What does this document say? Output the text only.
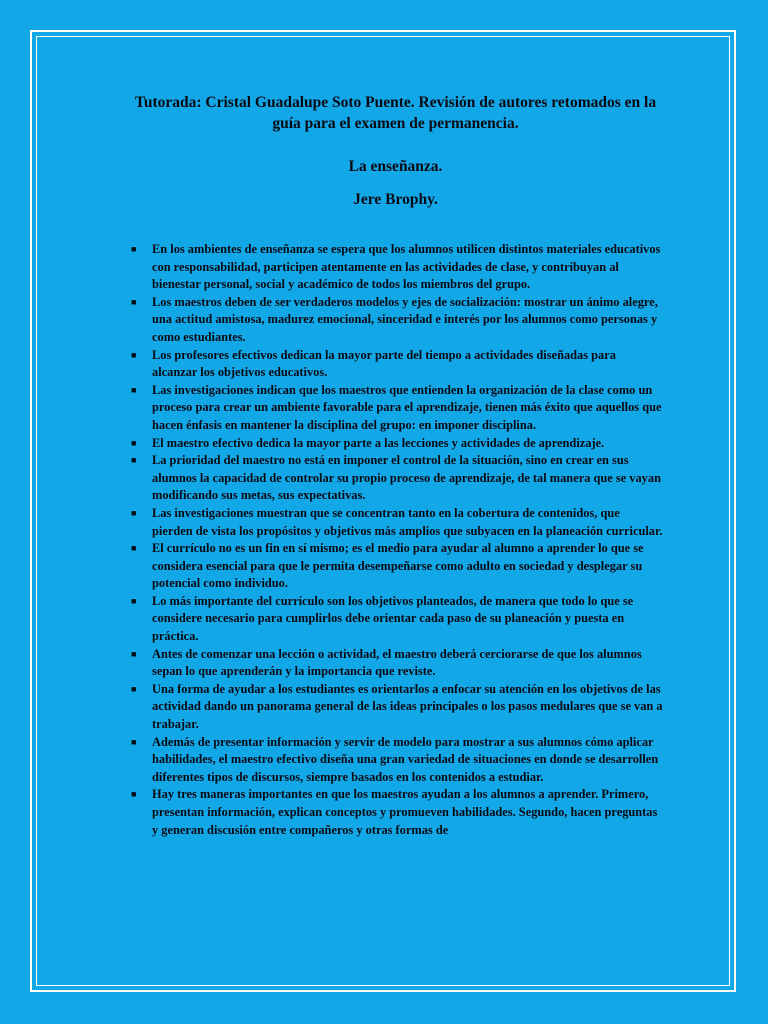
Tutorada: Cristal Guadalupe Soto Puente. Revisión de autores retomados en la guía para el examen de permanencia.

La enseñanza.

Jere Brophy.

■ En los ambientes de enseñanza se espera que los alumnos utilicen distintos materiales educativos con responsabilidad, participen atentamente en las actividades de clase, y contribuyan al bienestar personal, social y académico de todos los miembros del grupo.
■ Los maestros deben de ser verdaderos modelos y ejes de socialización: mostrar un ánimo alegre, una actitud amistosa, madurez emocional, sinceridad e interés por los alumnos como personas y como estudiantes.
■ Los profesores efectivos dedican la mayor parte del tiempo a actividades diseñadas para alcanzar los objetivos educativos.
■ Las investigaciones indican que los maestros que entienden la organización de la clase como un proceso para crear un ambiente favorable para el aprendizaje, tienen más éxito que aquellos que hacen énfasis en mantener la disciplina del grupo: en imponer disciplina.
■ El maestro efectivo dedica la mayor parte a las lecciones y actividades de aprendizaje.
■ La prioridad del maestro no está en imponer el control de la situación, sino en crear en sus alumnos la capacidad de controlar su propio proceso de aprendizaje, de tal manera que se vayan modificando sus metas, sus expectativas.
■ Las investigaciones muestran que se concentran tanto en la cobertura de contenidos, que pierden de vista los propósitos y objetivos más amplios que subyacen en la planeación curricular.
■ El currículo no es un fin en sí mismo; es el medio para ayudar al alumno a aprender lo que se considera esencial para que le permita desempeñarse como adulto en sociedad y desplegar su potencial como individuo.
■ Lo más importante del currículo son los objetivos planteados, de manera que todo lo que se considere necesario para cumplirlos debe orientar cada paso de su planeación y puesta en práctica.
■ Antes de comenzar una lección o actividad, el maestro deberá cerciorarse de que los alumnos sepan lo que aprenderán y la importancia que reviste.
■ Una forma de ayudar a los estudiantes es orientarlos a enfocar su atención en los objetivos de las actividad dando un panorama general de las ideas principales o los pasos medulares que se van a trabajar.
■ Además de presentar información y servir de modelo para mostrar a sus alumnos cómo aplicar habilidades, el maestro efectivo diseña una gran variedad de situaciones en donde se desarrollen diferentes tipos de discursos, siempre basados en los contenidos a estudiar.
■ Hay tres maneras importantes en que los maestros ayudan a los alumnos a aprender. Primero, presentan información, explican conceptos y promueven habilidades. Segundo, hacen preguntas y generan discusión entre compañeros y otras formas de
